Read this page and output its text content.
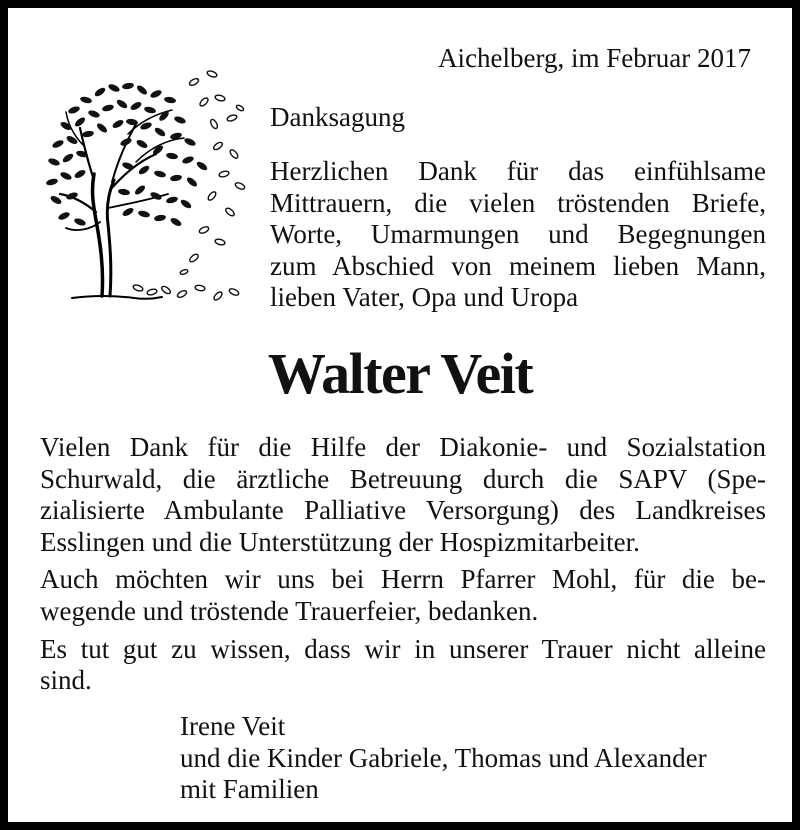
Aichelberg, im Februar 2017
Danksagung
Herzlichen Dank für das einfühlsame
Mittrauern, die vielen tröstenden Briefe,
Worte, Umarmungen und Begegnungen
zum Abschied von meinem lieben Mann,
lieben Vater, Opa und Uropa
Walter Veit

Vielen Dank für die Hilfe der Diakonie- und Sozialstation
Schurwald, die ärztliche Betreuung durch die SAPV (Spe-
zialisierte Ambulante Palliative Versorgung) des Landkreises
Esslingen und die Unterstützung der Hospizmitarbeiter.

Auch möchten wir uns bei Herrn Pfarrer Mohl, für die be-
wegende und tröstende Trauerfeier, bedanken.

Es tut gut zu wissen, dass wir in unserer Trauer nicht alleine
sind.

Irene Veit
und die Kinder Gabriele, Thomas und Alexander
mit Familien
